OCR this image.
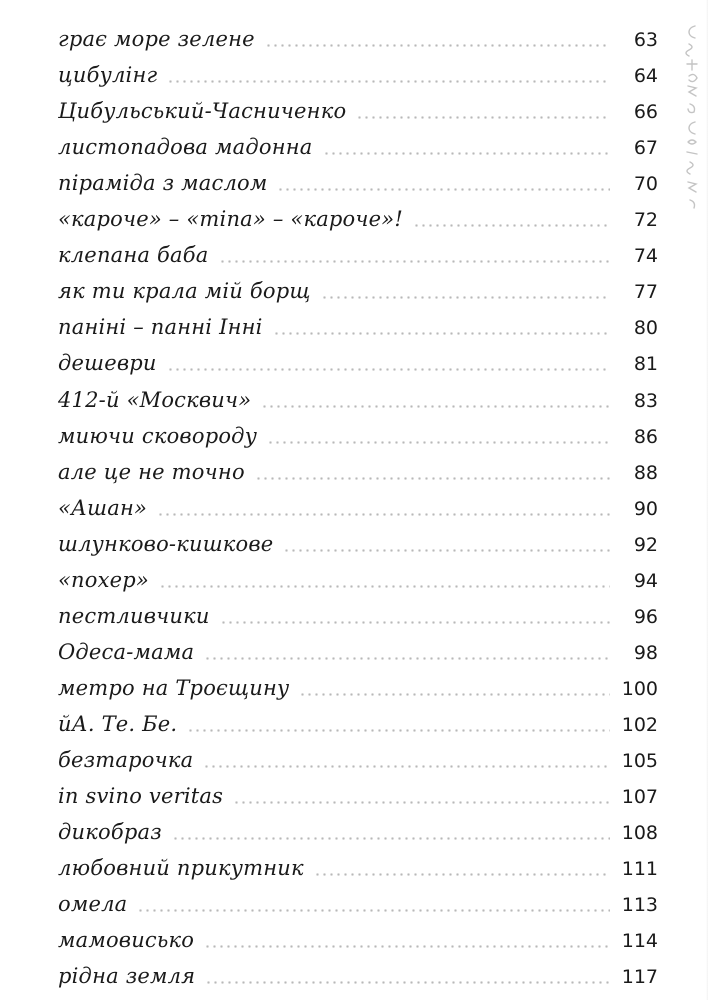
грає море зелене	63
цибулінг	64
Цибульський-Часниченко	66
листопадова мадонна	67
піраміда з маслом	70
«кароче» – «тіпа» – «кароче»!	72
клепана баба	74
як ти крала мій борщ	77
паніні – панні Інні	80
дешеври	81
412-й «Москвич»	83
миючи сковороду	86
але це не точно	88
«Ашан»	90
шлунково-кишкове	92
«похер»	94
пестливчики	96
Одеса-мама	98
метро на Троєщину	100
йА. Те. Бе.	102
безтарочка	105
in svino veritas	107
дикобраз	108
любовний прикутник	111
омела	113
мамовисько	114
рідна земля	117
